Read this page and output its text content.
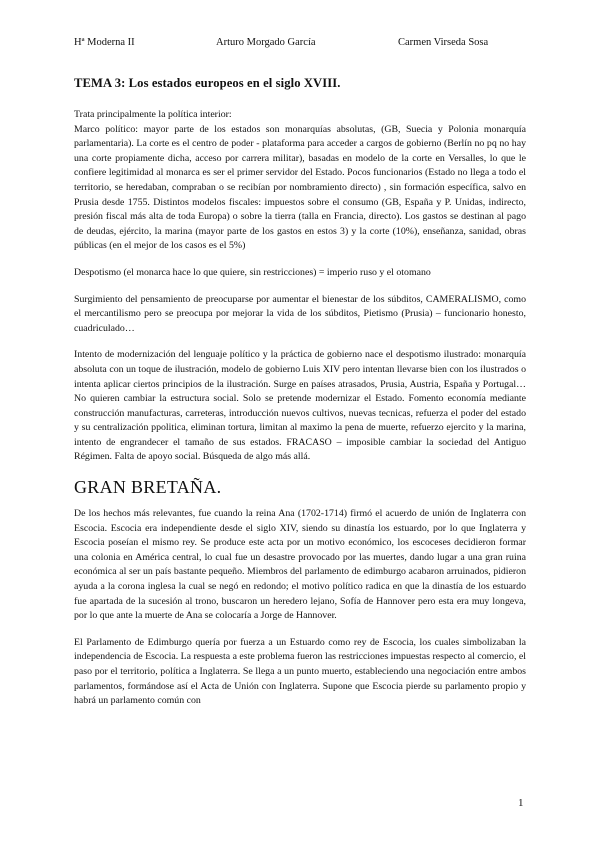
Hª Moderna II	Arturo Morgado García	Carmen Virseda Sosa
TEMA 3: Los estados europeos en el siglo XVIII.

Trata principalmente la política interior:

Marco político: mayor parte de los estados son monarquías absolutas, (GB, Suecia y Polonia monarquía parlamentaria). La corte es el centro de poder - plataforma para acceder a cargos de gobierno (Berlín no pq no hay una corte propiamente dicha, acceso por carrera militar), basadas en modelo de la corte en Versalles, lo que le confiere legitimidad al monarca es ser el primer servidor del Estado. Pocos funcionarios (Estado no llega a todo el territorio, se heredaban, compraban o se recibían por nombramiento directo) , sin formación específica, salvo en Prusia desde 1755. Distintos modelos fiscales: impuestos sobre el consumo (GB, España y P. Unidas, indirecto, presión fiscal más alta de toda Europa) o sobre la tierra (talla en Francia, directo). Los gastos se destinan al pago de deudas, ejército, la marina (mayor parte de los gastos en estos 3) y la corte (10%), enseñanza, sanidad, obras públicas (en el mejor de los casos es el 5%)

Despotismo (el monarca hace lo que quiere, sin restricciones) = imperio ruso y el otomano

Surgimiento del pensamiento de preocuparse por aumentar el bienestar de los súbditos, CAMERALISMO, como el mercantilismo pero se preocupa por mejorar la vida de los súbditos, Pietismo (Prusia) – funcionario honesto, cuadriculado…

Intento de modernización del lenguaje político y la práctica de gobierno nace el despotismo ilustrado: monarquía absoluta con un toque de ilustración, modelo de gobierno Luis XIV pero intentan llevarse bien con los ilustrados o intenta aplicar ciertos principios de la ilustración. Surge en países atrasados, Prusia, Austria, España y Portugal… No quieren cambiar la estructura social. Solo se pretende modernizar el Estado. Fomento economía mediante construcción manufacturas, carreteras, introducción nuevos cultivos, nuevas tecnicas, refuerza el poder del estado y su centralización ppolitica, eliminan tortura, limitan al maximo la pena de muerte, refuerzo ejercito y la marina, intento de engrandecer el tamaño de sus estados. FRACASO – imposible cambiar la sociedad del Antiguo Régimen. Falta de apoyo social. Búsqueda de algo más allá.

GRAN BRETAÑA.

De los hechos más relevantes, fue cuando la reina Ana (1702-1714) firmó el acuerdo de unión de Inglaterra con Escocia. Escocia era independiente desde el siglo XIV, siendo su dinastía los estuardo, por lo que Inglaterra y Escocia poseían el mismo rey. Se produce este acta por un motivo económico, los escoceses decidieron formar una colonia en América central, lo cual fue un desastre provocado por las muertes, dando lugar a una gran ruina económica al ser un país bastante pequeño. Miembros del parlamento de edimburgo acabaron arruinados, pidieron ayuda a la corona inglesa la cual se negó en redondo; el motivo político radica en que la dinastía de los estuardo fue apartada de la sucesión al trono, buscaron un heredero lejano, Sofía de Hannover pero esta era muy longeva, por lo que ante la muerte de Ana se colocaría a Jorge de Hannover.

El Parlamento de Edimburgo quería por fuerza a un Estuardo como rey de Escocia, los cuales simbolizaban la independencia de Escocia. La respuesta a este problema fueron las restricciones impuestas respecto al comercio, el paso por el territorio, política a Inglaterra. Se llega a un punto muerto, estableciendo una negociación entre ambos parlamentos, formándose así el Acta de Unión con Inglaterra. Supone que Escocia pierde su parlamento propio y habrá un parlamento común con

1
